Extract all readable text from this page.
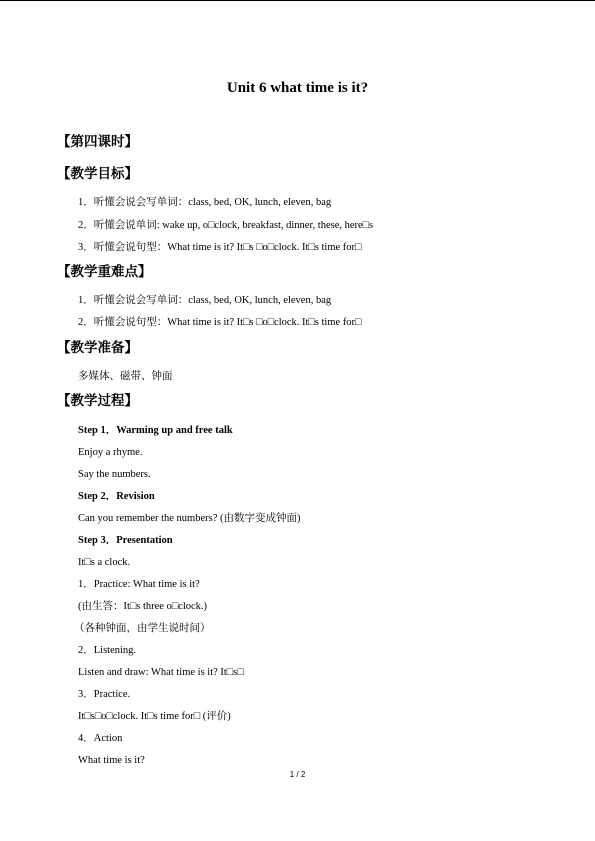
Unit 6 what time is it?
【第四课时】
【教学目标】
1．听懂会说会写单词：class, bed, OK, lunch, eleven, bag
2．听懂会说单词: wake up, o□clock, breakfast, dinner, these, here□s
3．听懂会说句型：What time is it? It□s □o□clock. It□s time for□
【教学重难点】
1．听懂会说会写单词：class, bed, OK, lunch, eleven, bag
2．听懂会说句型：What time is it? It□s □o□clock. It□s time for□
【教学准备】
多媒体、磁带、钟面
【教学过程】
Step 1．Warming up and free talk
Enjoy a rhyme.
Say the numbers.
Step 2．Revision
Can you remember the numbers? (由数字变成钟面)
Step 3．Presentation
It□s a clock.
1．Practice: What time is it?
(由生答：It□s three o□clock.)
（各种钟面，由学生说时间）
2．Listening.
Listen and draw: What time is it? It□s□
3．Practice.
It□s□o□clock. It□s time for□ (评价)
4．Action
What time is it?
1 / 2
